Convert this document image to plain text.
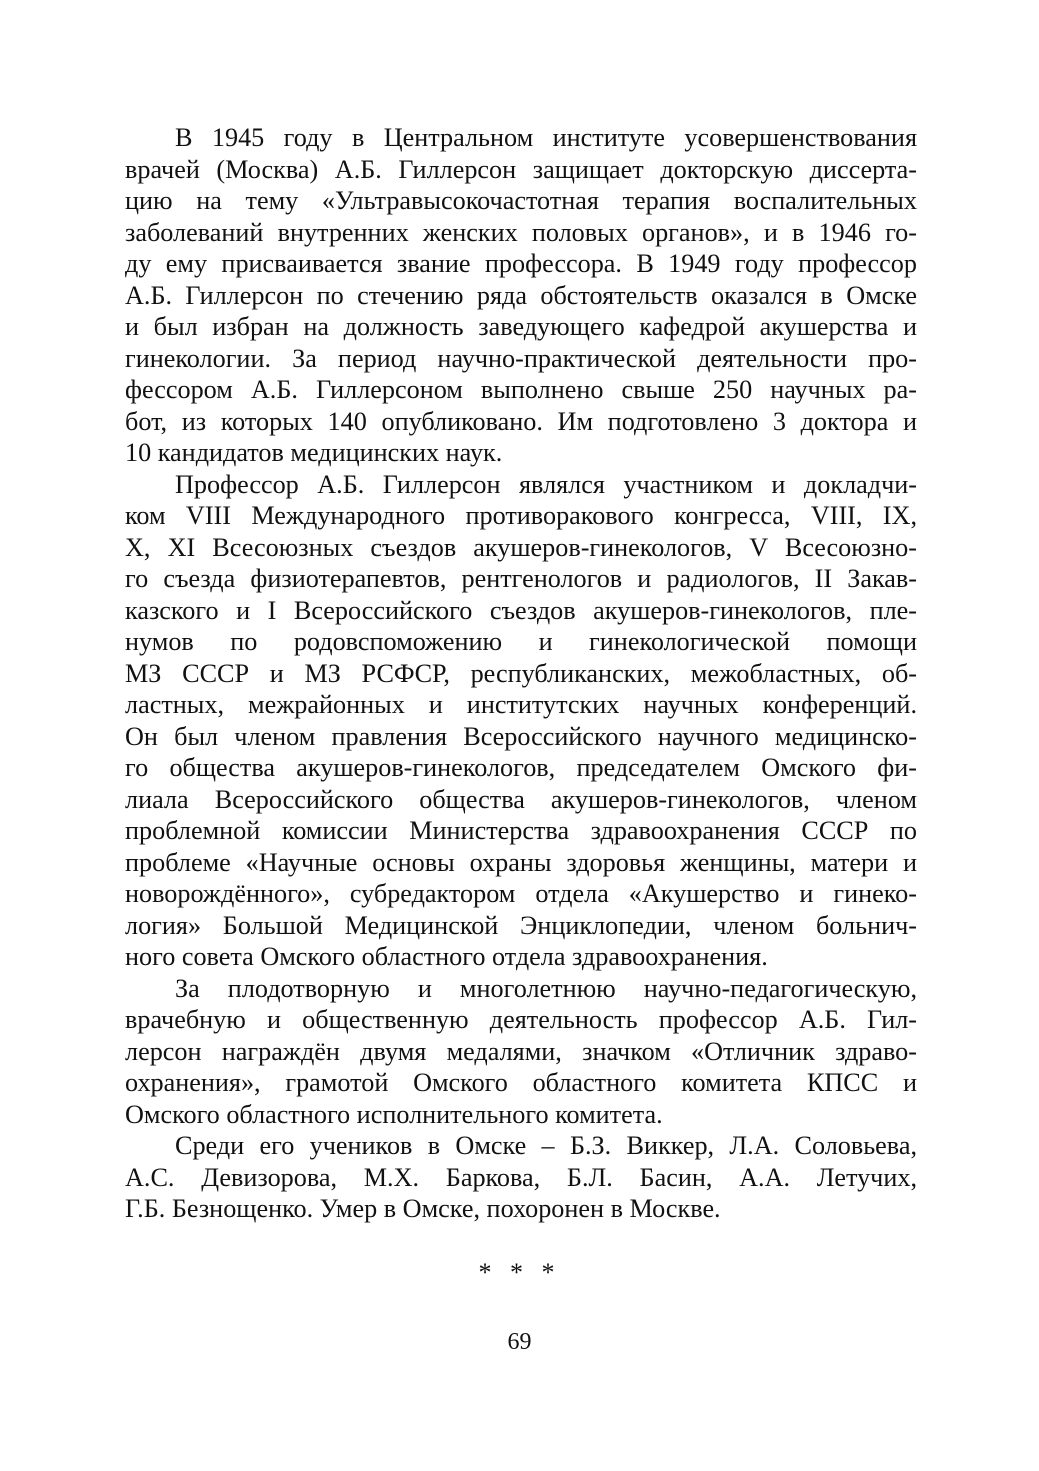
В 1945 году в Центральном институте усовершенствования
врачей (Москва) А.Б. Гиллерсон защищает докторскую диссерта-
цию на тему «Ультравысокочастотная терапия воспалительных
заболеваний внутренних женских половых органов», и в 1946 го-
ду ему присваивается звание профессора. В 1949 году профессор
А.Б. Гиллерсон по стечению ряда обстоятельств оказался в Омске
и был избран на должность заведующего кафедрой акушерства и
гинекологии. За период научно-практической деятельности про-
фессором А.Б. Гиллерсоном выполнено свыше 250 научных ра-
бот, из которых 140 опубликовано. Им подготовлено 3 доктора и
10 кандидатов медицинских наук.
Профессор А.Б. Гиллерсон являлся участником и докладчи-
ком VIII Международного противоракового конгресса, VIII, IX,
X, XI Всесоюзных съездов акушеров-гинекологов, V Всесоюзно-
го съезда физиотерапевтов, рентгенологов и радиологов, II Закав-
казского и I Всероссийского съездов акушеров-гинекологов, пле-
нумов по родовспоможению и гинекологической помощи
МЗ СССР и МЗ РСФСР, республиканских, межобластных, об-
ластных, межрайонных и институтских научных конференций.
Он был членом правления Всероссийского научного медицинско-
го общества акушеров-гинекологов, председателем Омского фи-
лиала Всероссийского общества акушеров-гинекологов, членом
проблемной комиссии Министерства здравоохранения СССР по
проблеме «Научные основы охраны здоровья женщины, матери и
новорождённого», субредактором отдела «Акушерство и гинеко-
логия» Большой Медицинской Энциклопедии, членом больнич-
ного совета Омского областного отдела здравоохранения.
За плодотворную и многолетнюю научно-педагогическую,
врачебную и общественную деятельность профессор А.Б. Гил-
лерсон награждён двумя медалями, значком «Отличник здраво-
охранения», грамотой Омского областного комитета КПСС и
Омского областного исполнительного комитета.
Среди его учеников в Омске – Б.З. Виккер, Л.А. Соловьева,
А.С. Девизорова, М.Х. Баркова, Б.Л. Басин, А.А. Летучих,
Г.Б. Безнощенко. Умер в Омске, похоронен в Москве.
* * *
69
